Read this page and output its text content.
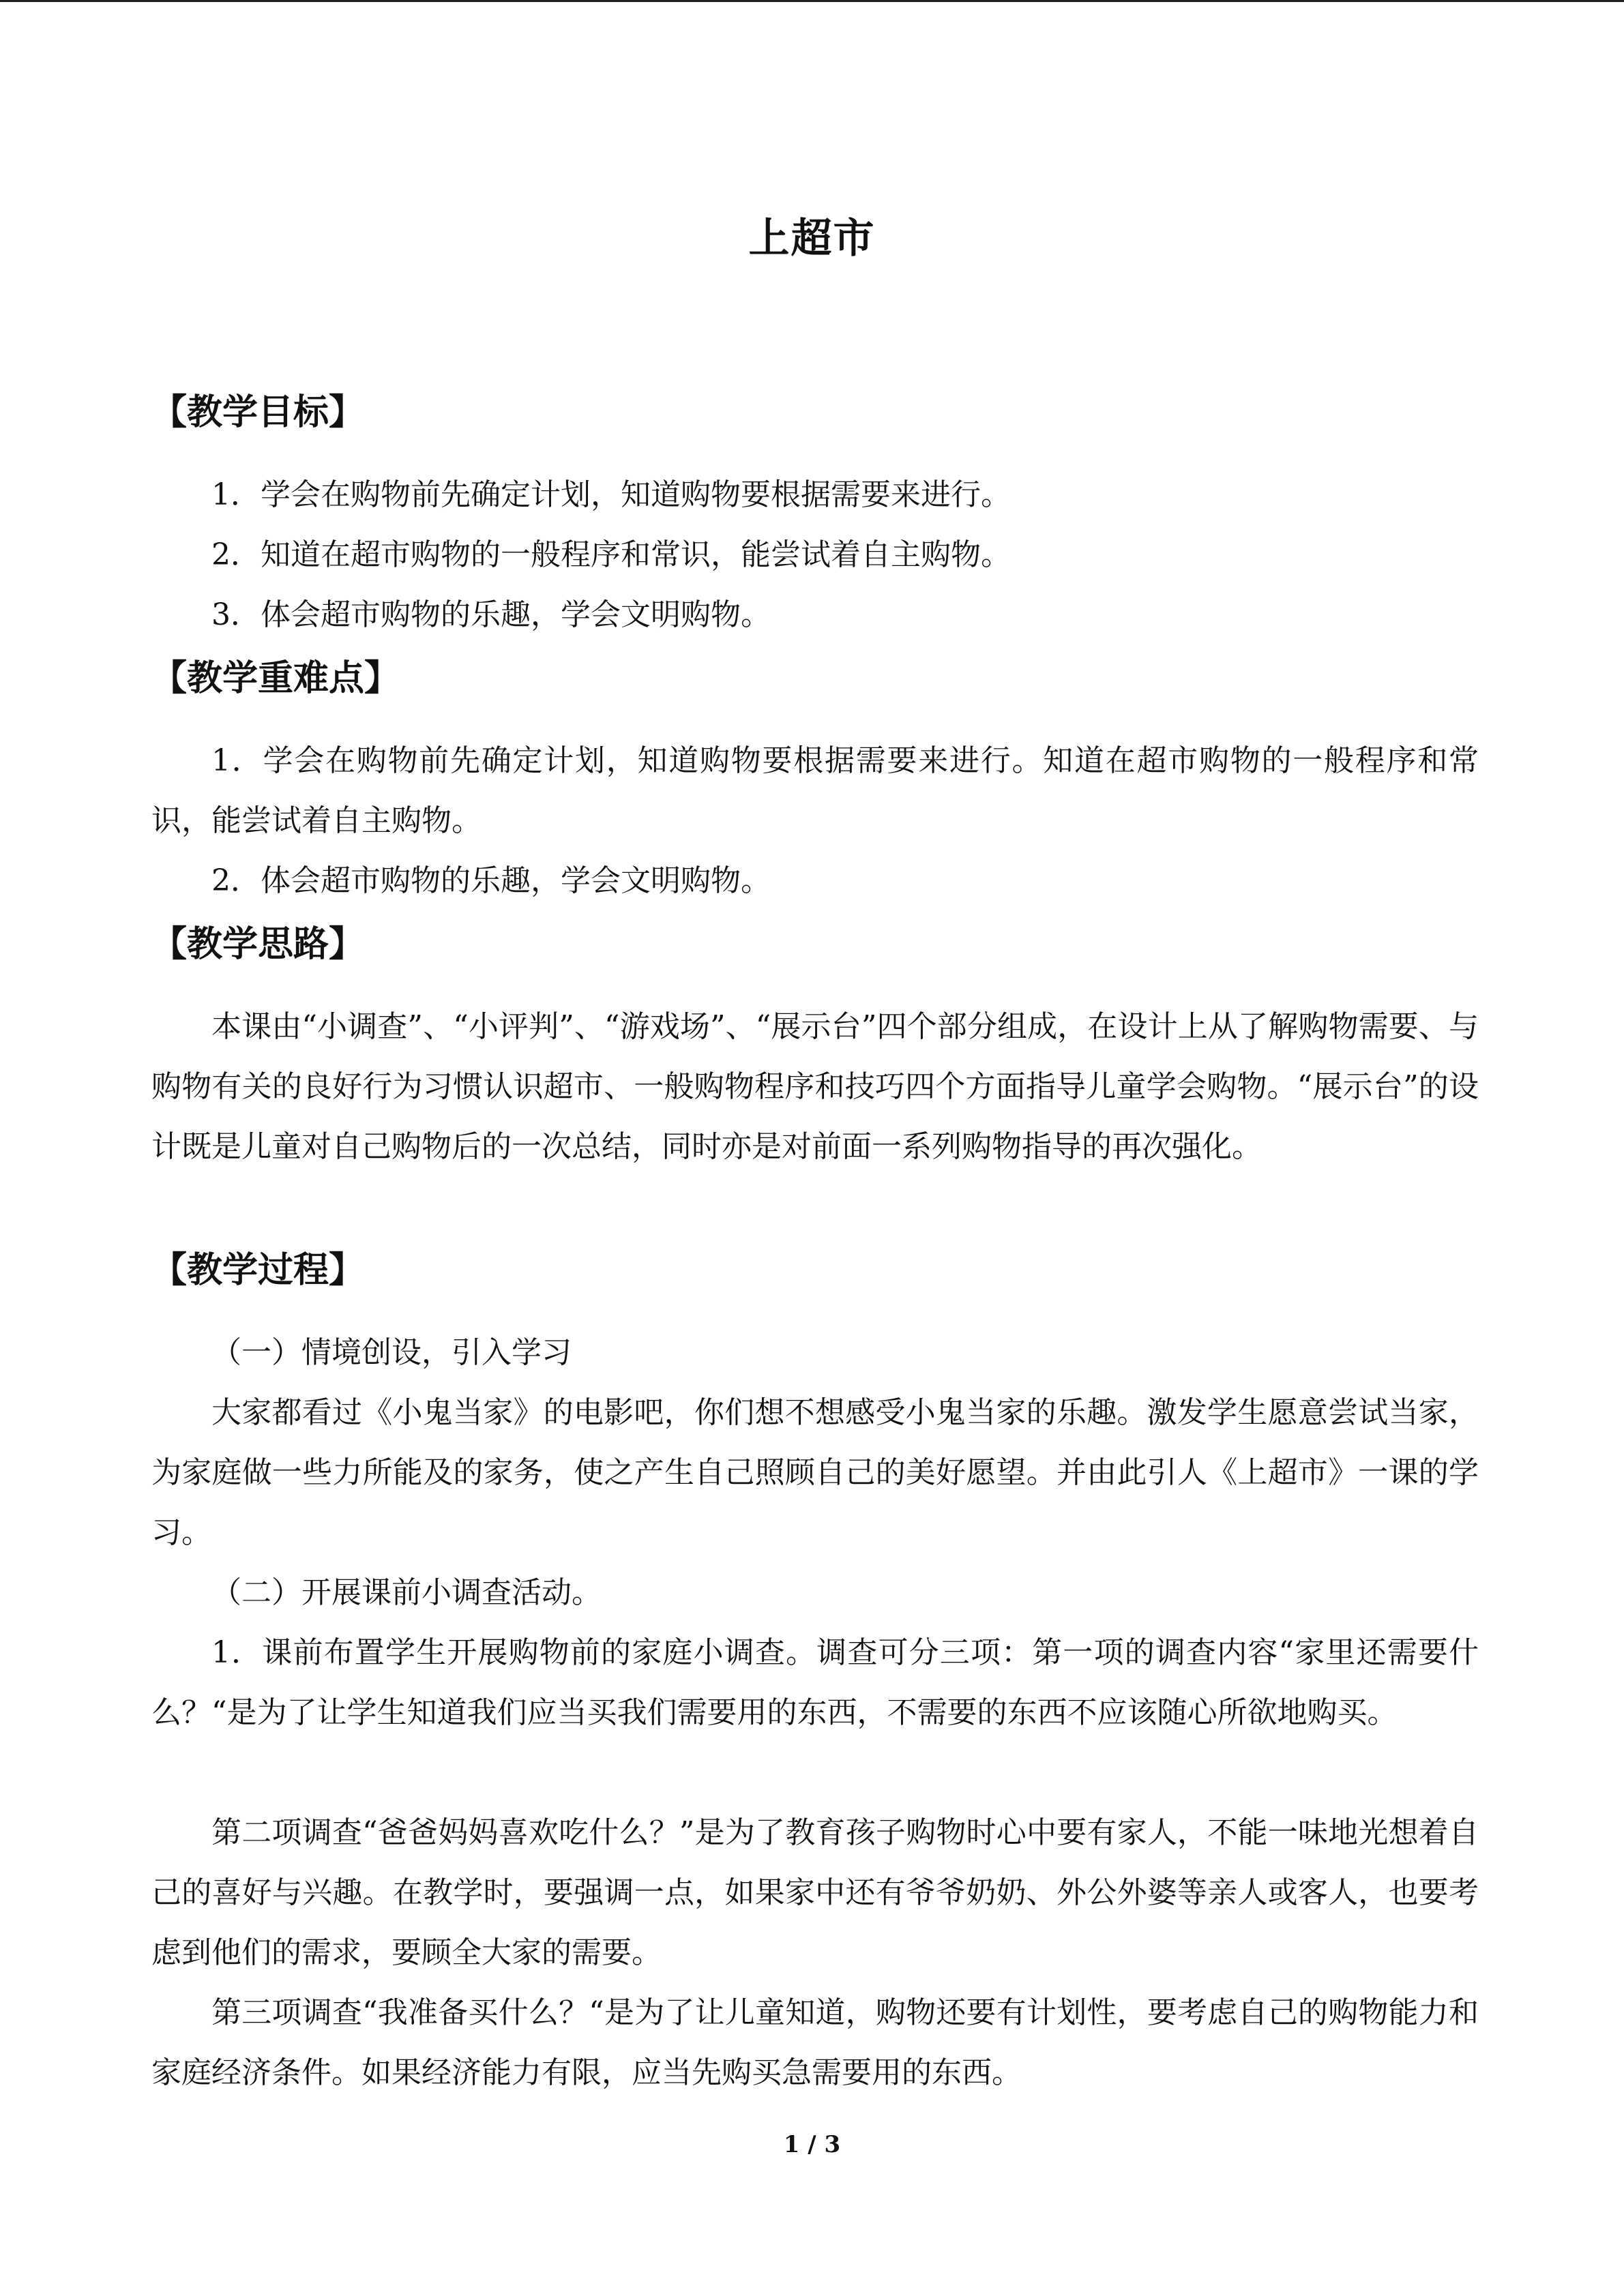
上超市
【教学目标】
1．学会在购物前先确定计划，知道购物要根据需要来进行。
2．知道在超市购物的一般程序和常识，能尝试着自主购物。
3．体会超市购物的乐趣，学会文明购物。
【教学重难点】
1．学会在购物前先确定计划，知道购物要根据需要来进行。知道在超市购物的一般程序和常识，能尝试着自主购物。
2．体会超市购物的乐趣，学会文明购物。
【教学思路】
本课由“小调查”、“小评判”、“游戏场”、“展示台”四个部分组成，在设计上从了解购物需要、与购物有关的良好行为习惯认识超市、一般购物程序和技巧四个方面指导儿童学会购物。“展示台”的设计既是儿童对自己购物后的一次总结，同时亦是对前面一系列购物指导的再次强化。
【教学过程】
（一）情境创设，引入学习
大家都看过《小鬼当家》的电影吧，你们想不想感受小鬼当家的乐趣。激发学生愿意尝试当家，为家庭做一些力所能及的家务，使之产生自己照顾自己的美好愿望。并由此引人《上超市》一课的学习。
（二）开展课前小调查活动。
1．课前布置学生开展购物前的家庭小调查。调查可分三项：第一项的调查内容“家里还需要什么？“是为了让学生知道我们应当买我们需要用的东西，不需要的东西不应该随心所欲地购买。
第二项调查“爸爸妈妈喜欢吃什么？”是为了教育孩子购物时心中要有家人，不能一味地光想着自己的喜好与兴趣。在教学时，要强调一点，如果家中还有爷爷奶奶、外公外婆等亲人或客人，也要考虑到他们的需求，要顾全大家的需要。
第三项调查“我准备买什么？“是为了让儿童知道，购物还要有计划性，要考虑自己的购物能力和家庭经济条件。如果经济能力有限，应当先购买急需要用的东西。
1 / 3
